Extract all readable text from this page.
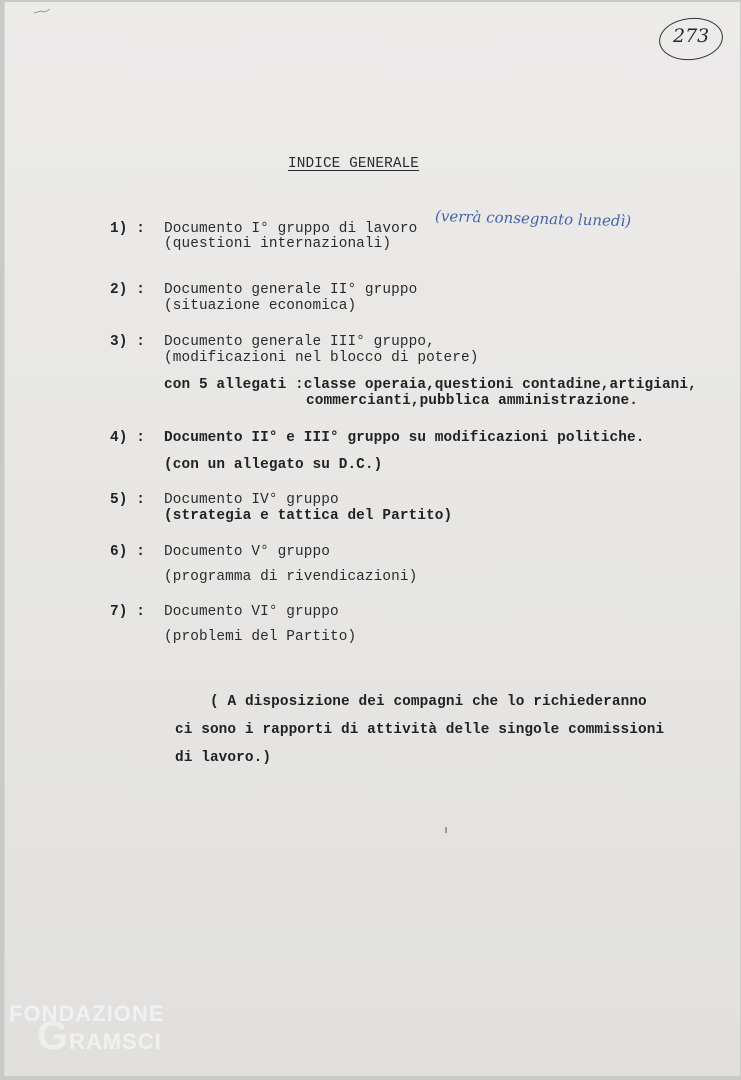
273
INDICE GENERALE
1) : Documento I° gruppo di lavoro
(questioni internazionali)
(verrà consegnato lunedì)
2) : Documento generale II° gruppo
(situazione economica)
3) : Documento generale III° gruppo,
(modificazioni nel blocco di potere)
con 5 allegati :classe operaia,questioni contadine,artigiani,
commercianti,pubblica amministrazione.
4) : Documento II° e III° gruppo su modificazioni politiche.
(con un allegato su D.C.)
5) : Documento IV° gruppo
(strategia e tattica del Partito)
6) : Documento V° gruppo
(programma di rivendicazioni)
7) : Documento VI° gruppo
(problemi del Partito)
( A disposizione dei compagni che lo richiederanno
ci sono i rapporti di attività delle singole commissioni
di lavoro.)
FONDAZIONE
G RAMSCI
